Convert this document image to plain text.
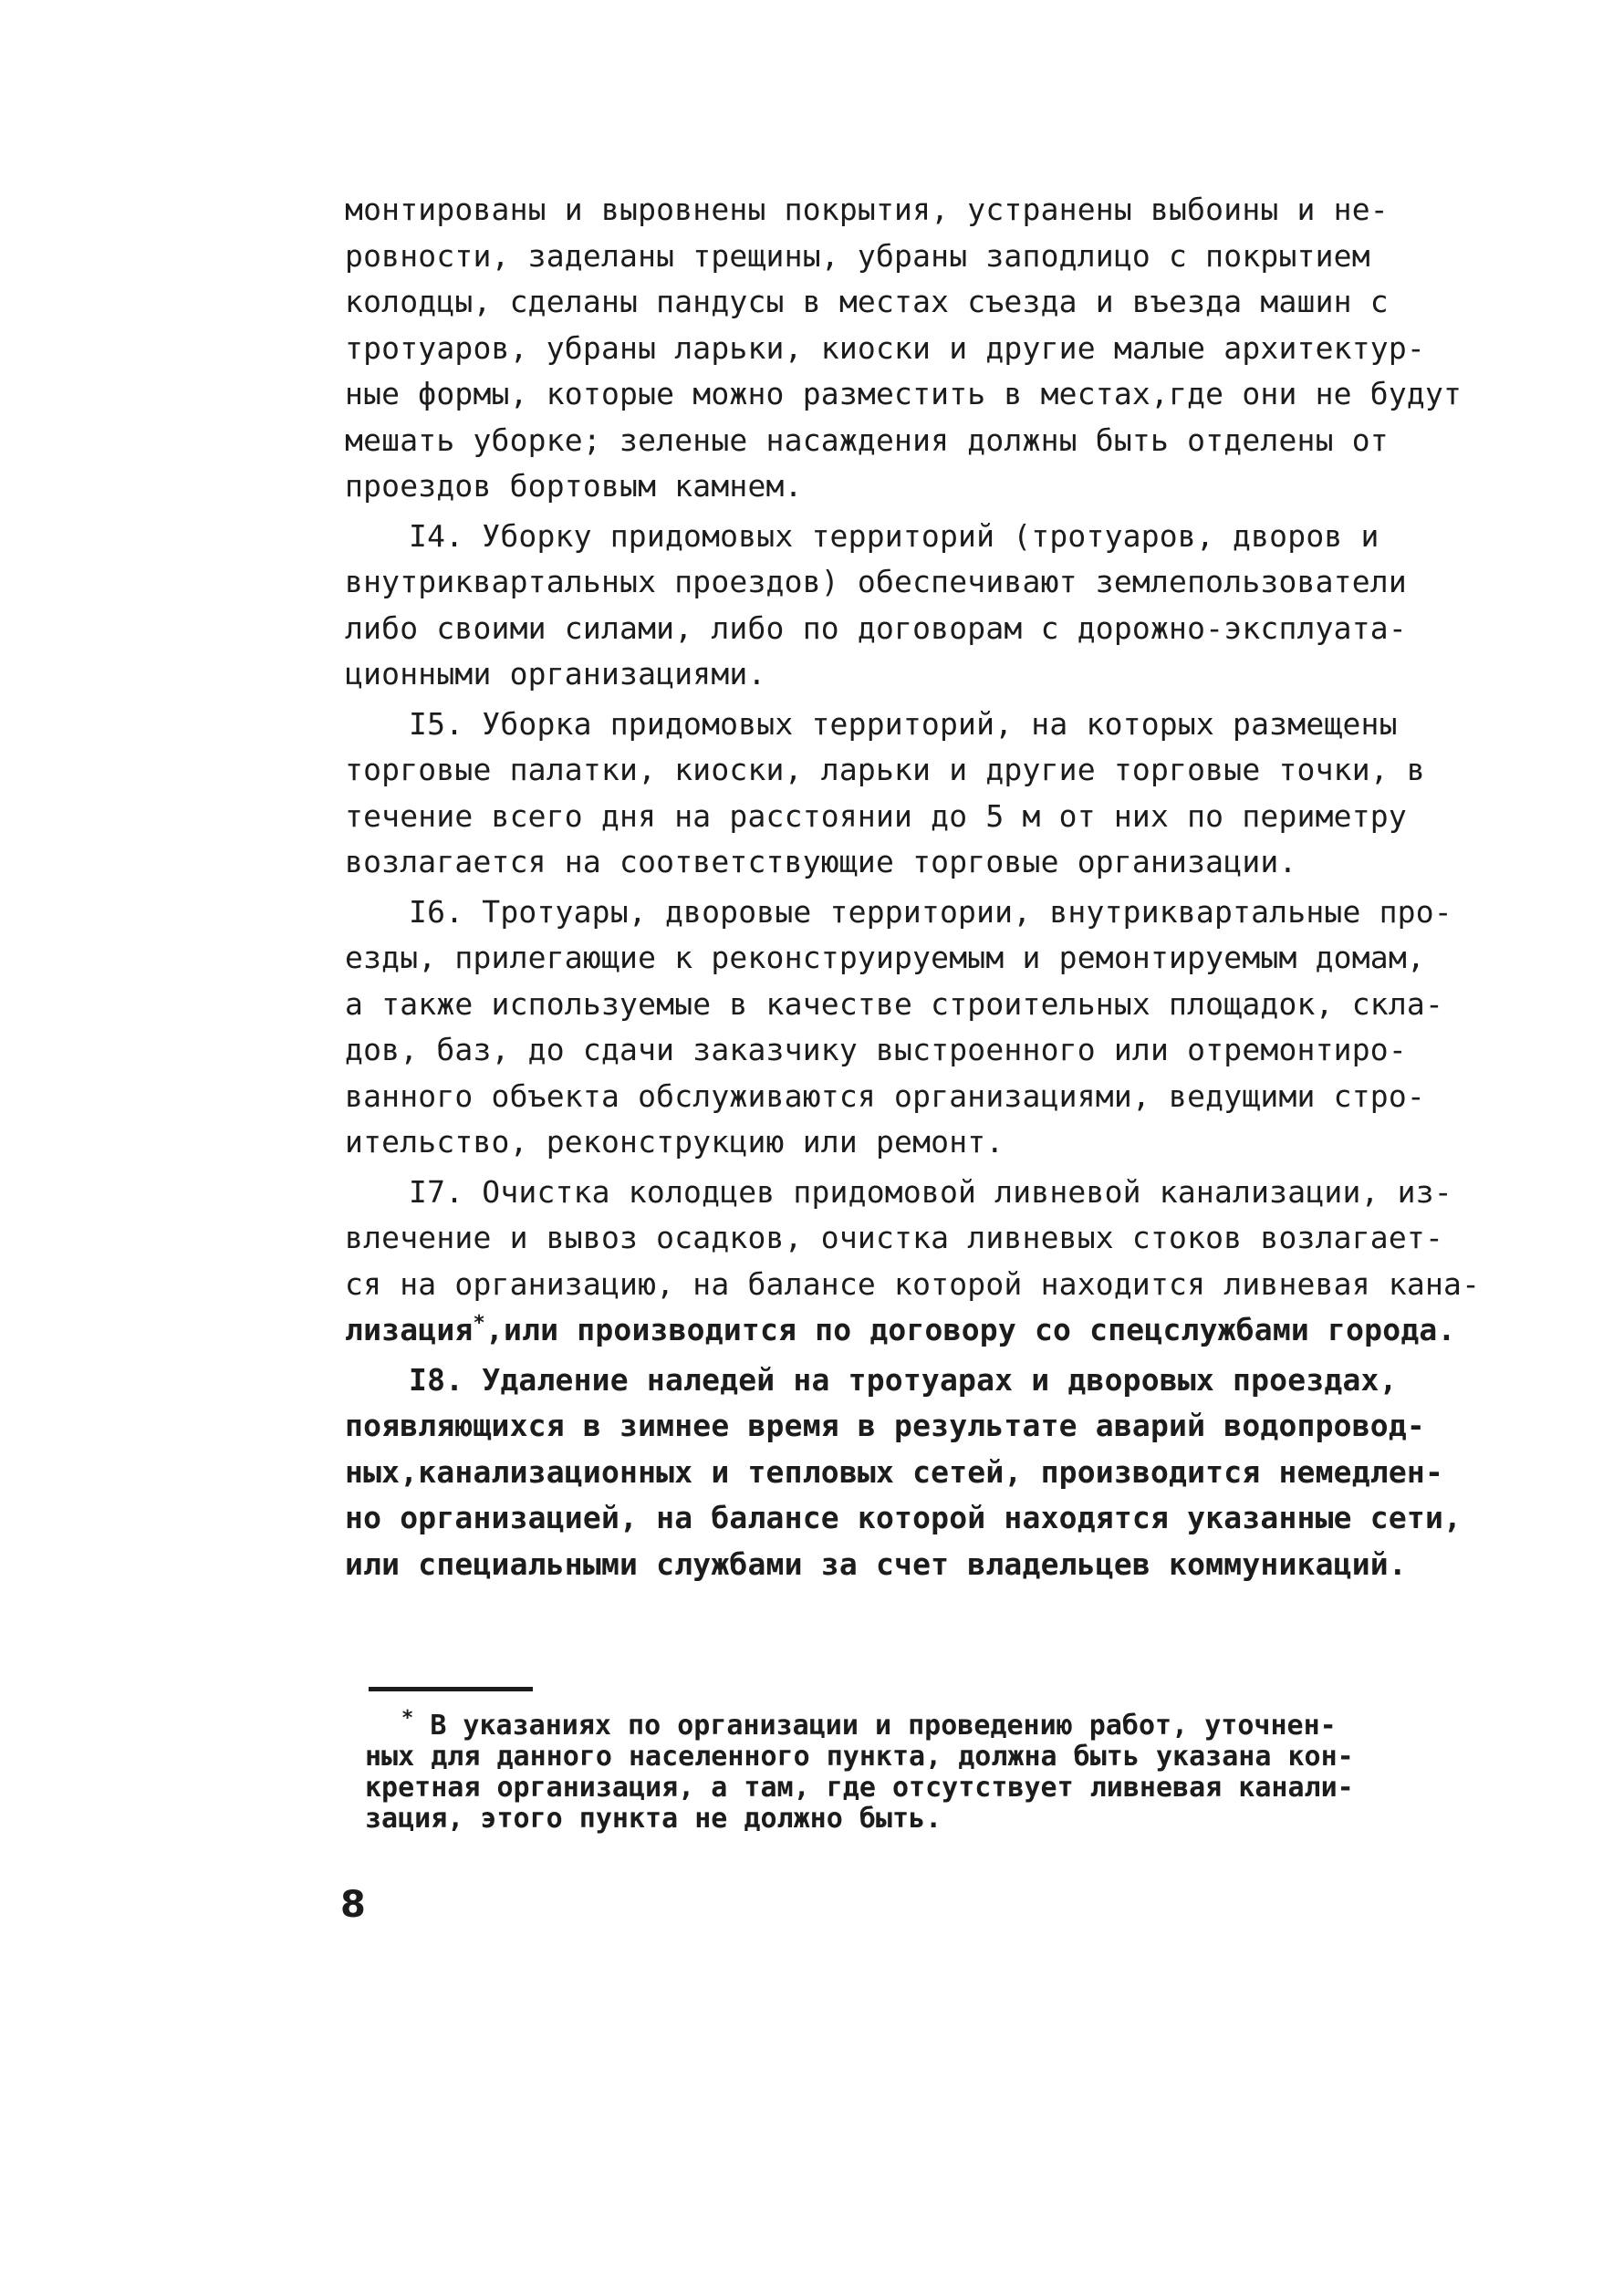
монтированы и выровнены покрытия, устранены выбоины и не-
ровности, заделаны трещины, убраны заподлицо с покрытием
колодцы, сделаны пандусы в местах съезда и въезда машин с
тротуаров, убраны ларьки, киоски и другие малые архитектур-
ные формы, которые можно разместить в местах,где они не будут
мешать уборке; зеленые насаждения должны быть отделены от
проездов бортовым камнем.
I4. Уборку придомовых территорий (тротуаров, дворов и
внутриквартальных проездов) обеспечивают землепользователи
либо своими силами, либо по договорам с дорожно-эксплуата-
ционными организациями.
I5. Уборка придомовых территорий, на которых размещены
торговые палатки, киоски, ларьки и другие торговые точки, в
течение всего дня на расстоянии до 5 м от них по периметру
возлагается на соответствующие торговые организации.
I6. Тротуары, дворовые территории, внутриквартальные про-
езды, прилегающие к реконструируемым и ремонтируемым домам,
а также используемые в качестве строительных площадок, скла-
дов, баз, до сдачи заказчику выстроенного или отремонтиро-
ванного объекта обслуживаются организациями, ведущими стро-
ительство, реконструкцию или ремонт.
I7. Очистка колодцев придомовой ливневой канализации, из-
влечение и вывоз осадков, очистка ливневых стоков возлагает-
ся на организацию, на балансе которой находится ливневая кана-
лизация*,или производится по договору со спецслужбами города.
I8. Удаление наледей на тротуарах и дворовых проездах,
появляющихся в зимнее время в результате аварий водопровод-
ных,канализационных и тепловых сетей, производится немедлен-
но организацией, на балансе которой находятся указанные сети,
или специальными службами за счет владельцев коммуникаций.
* В указаниях по организации и проведению работ, уточнен-
ных для данного населенного пункта, должна быть указана кон-
кретная организация, а там, где отсутствует ливневая канали-
зация, этого пункта не должно быть.
8
